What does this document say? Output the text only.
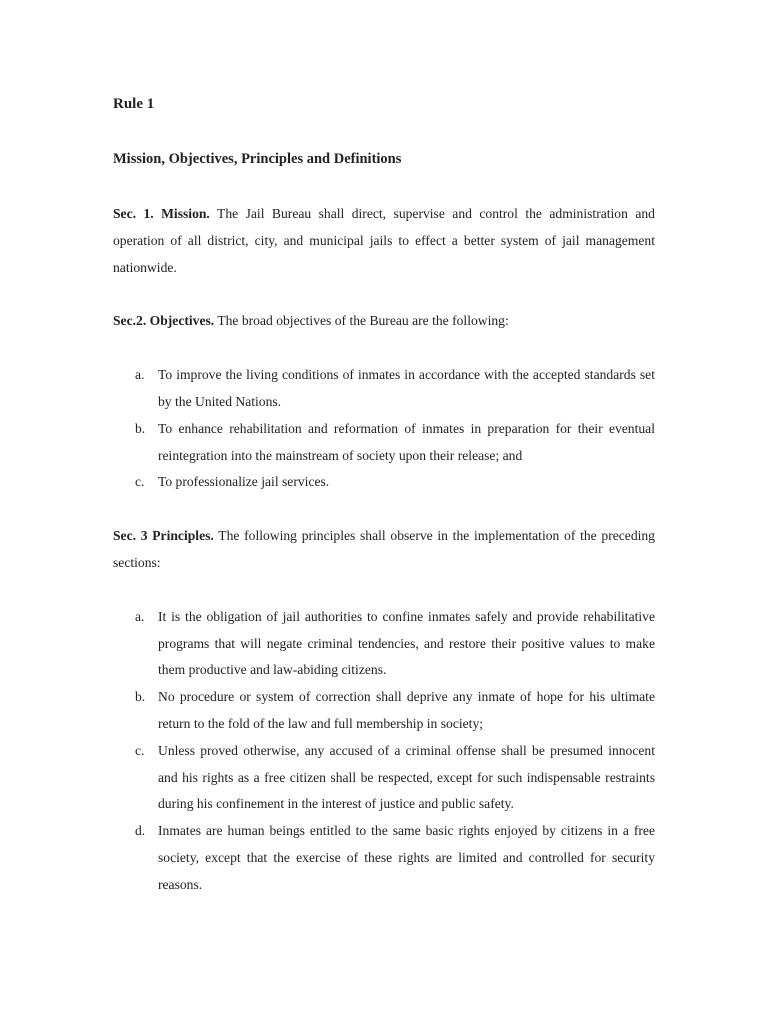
Rule 1
Mission, Objectives, Principles and Definitions

Sec. 1. Mission. The Jail Bureau shall direct, supervise and control the administration and operation of all district, city, and municipal jails to effect a better system of jail management nationwide.

Sec.2. Objectives. The broad objectives of the Bureau are the following:

a. To improve the living conditions of inmates in accordance with the accepted standards set by the United Nations.
b. To enhance rehabilitation and reformation of inmates in preparation for their eventual reintegration into the mainstream of society upon their release; and
c. To professionalize jail services.

Sec. 3 Principles. The following principles shall observe in the implementation of the preceding sections:

a. It is the obligation of jail authorities to confine inmates safely and provide rehabilitative programs that will negate criminal tendencies, and restore their positive values to make them productive and law-abiding citizens.
b. No procedure or system of correction shall deprive any inmate of hope for his ultimate return to the fold of the law and full membership in society;
c. Unless proved otherwise, any accused of a criminal offense shall be presumed innocent and his rights as a free citizen shall be respected, except for such indispensable restraints during his confinement in the interest of justice and public safety.
d. Inmates are human beings entitled to the same basic rights enjoyed by citizens in a free society, except that the exercise of these rights are limited and controlled for security reasons.
